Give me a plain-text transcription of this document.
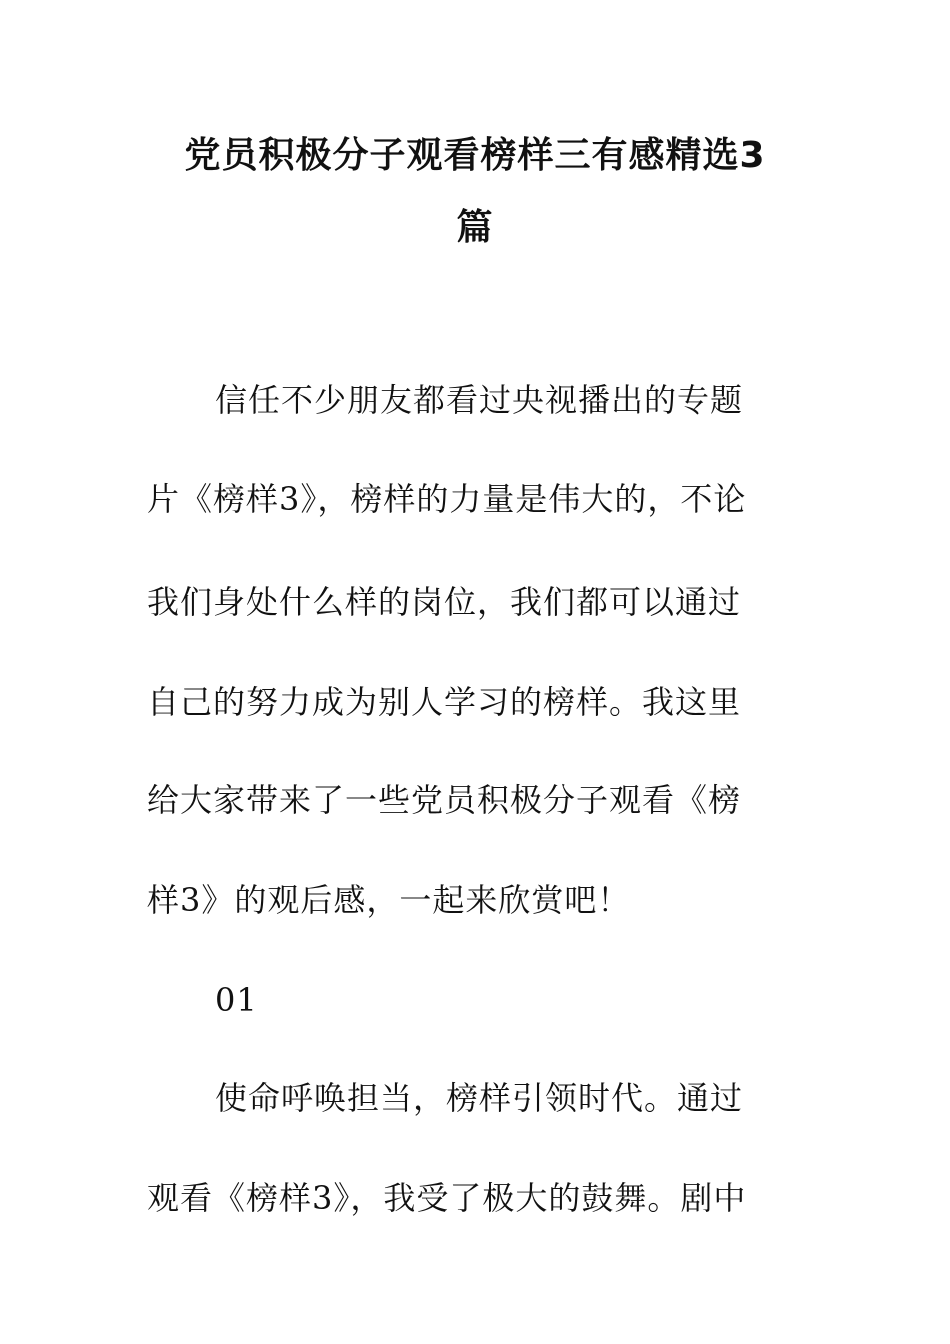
党员积极分子观看榜样三有感精选3
篇
信任不少朋友都看过央视播出的专题
片《榜样3》，榜样的力量是伟大的，不论
我们身处什么样的岗位，我们都可以通过
自己的努力成为别人学习的榜样。我这里
给大家带来了一些党员积极分子观看《榜
样3》的观后感，一起来欣赏吧！
01
使命呼唤担当，榜样引领时代。通过
观看《榜样3》，我受了极大的鼓舞。剧中
